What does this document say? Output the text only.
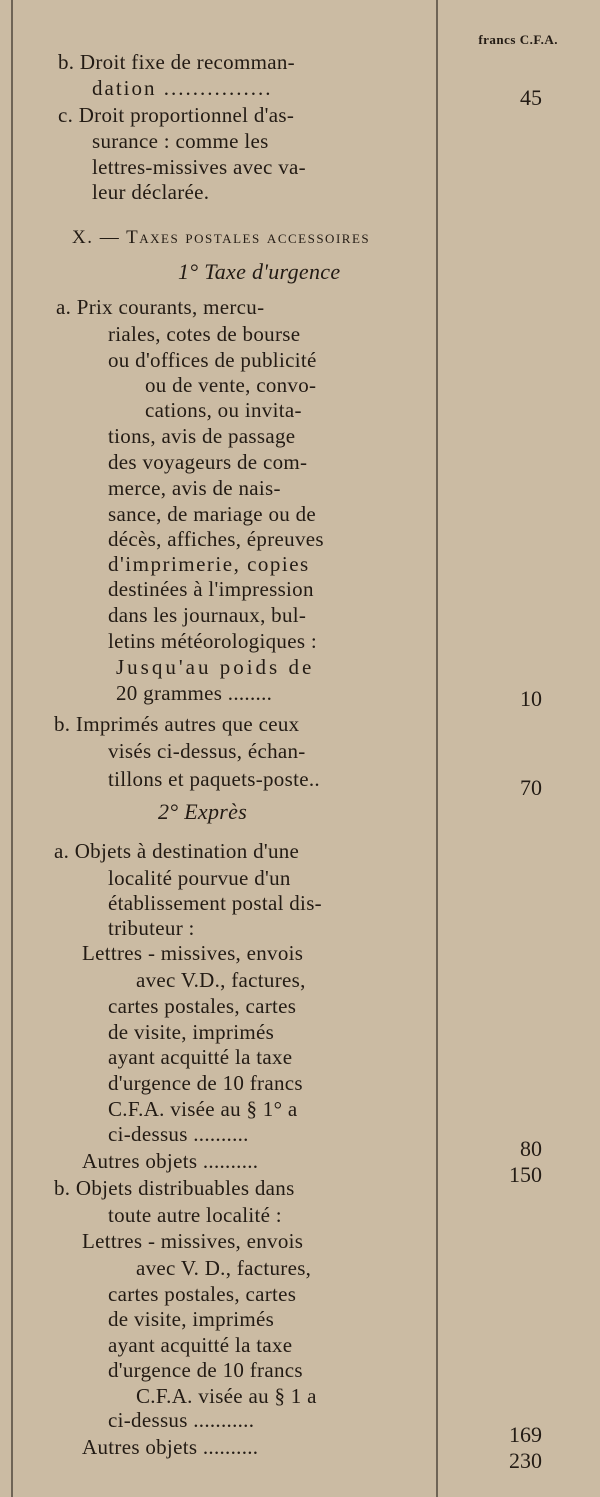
francs C.F.A.
b. Droit fixe de recomman-
dation ...............
c. Droit proportionnel d'as-
surance : comme les
lettres-missives avec va-
leur déclarée.
X. — Taxes postales accessoires
1° Taxe d'urgence
a. Prix courants, mercu-
riales, cotes de bourse
ou d'offices de publicité
ou de vente, convo-
cations, ou invita-
tions, avis de passage
des voyageurs de com-
merce, avis de nais-
sance, de mariage ou de
décès, affiches, épreuves
d'imprimerie, copies
destinées à l'impression
dans les journaux, bul-
letins météorologiques :
Jusqu'au poids de
20 grammes ........
b. Imprimés autres que ceux
visés ci-dessus, échan-
tillons et paquets-poste..
2° Exprès
a. Objets à destination d'une
localité pourvue d'un
établissement postal dis-
tributeur :
Lettres - missives, envois
avec V.D., factures,
cartes postales, cartes
de visite, imprimés
ayant acquitté la taxe
d'urgence de 10 francs
C.F.A. visée au § 1° a
ci-dessus ..........
Autres objets ..........
b. Objets distribuables dans
toute autre localité :
Lettres - missives, envois
avec V. D., factures,
cartes postales, cartes
de visite, imprimés
ayant acquitté la taxe
d'urgence de 10 francs
C.F.A. visée au § 1 a
ci-dessus ...........
Autres objets ..........
45
10
70
80
150
169
230
